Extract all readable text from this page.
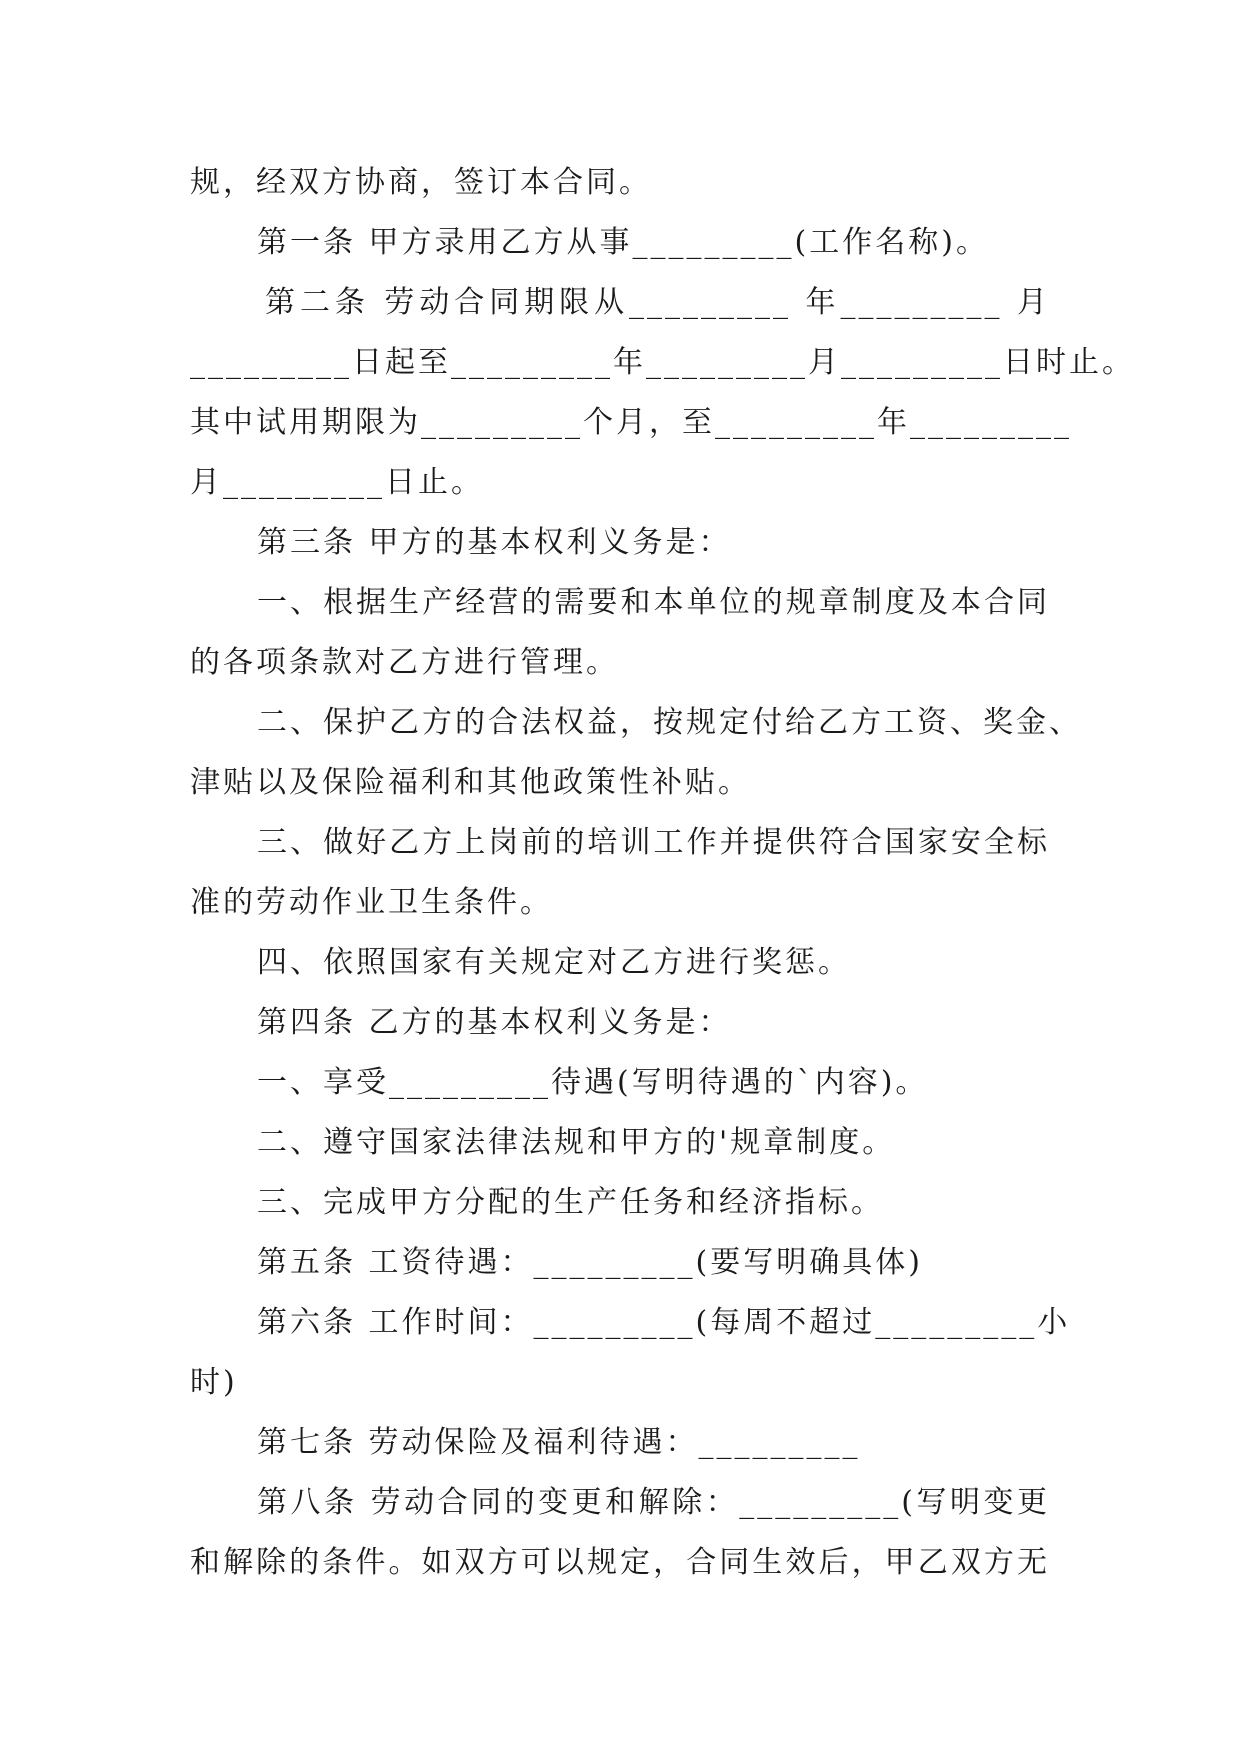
规，经双方协商，签订本合同。
第一条 甲方录用乙方从事_________(工作名称)。
第二条 劳动合同期限从_________ 年_________ 月
_________日起至_________年_________月_________日时止。
其中试用期限为_________个月，至_________年_________
月_________日止。
第三条 甲方的基本权利义务是：
一、根据生产经营的需要和本单位的规章制度及本合同
的各项条款对乙方进行管理。
二、保护乙方的合法权益，按规定付给乙方工资、奖金、
津贴以及保险福利和其他政策性补贴。
三、做好乙方上岗前的培训工作并提供符合国家安全标
准的劳动作业卫生条件。
四、依照国家有关规定对乙方进行奖惩。
第四条 乙方的基本权利义务是：
一、享受_________待遇(写明待遇的`内容)。
二、遵守国家法律法规和甲方的'规章制度。
三、完成甲方分配的生产任务和经济指标。
第五条 工资待遇：_________(要写明确具体)
第六条 工作时间：_________(每周不超过_________小
时)
第七条 劳动保险及福利待遇：_________
第八条 劳动合同的变更和解除：_________(写明变更
和解除的条件。如双方可以规定，合同生效后，甲乙双方无
